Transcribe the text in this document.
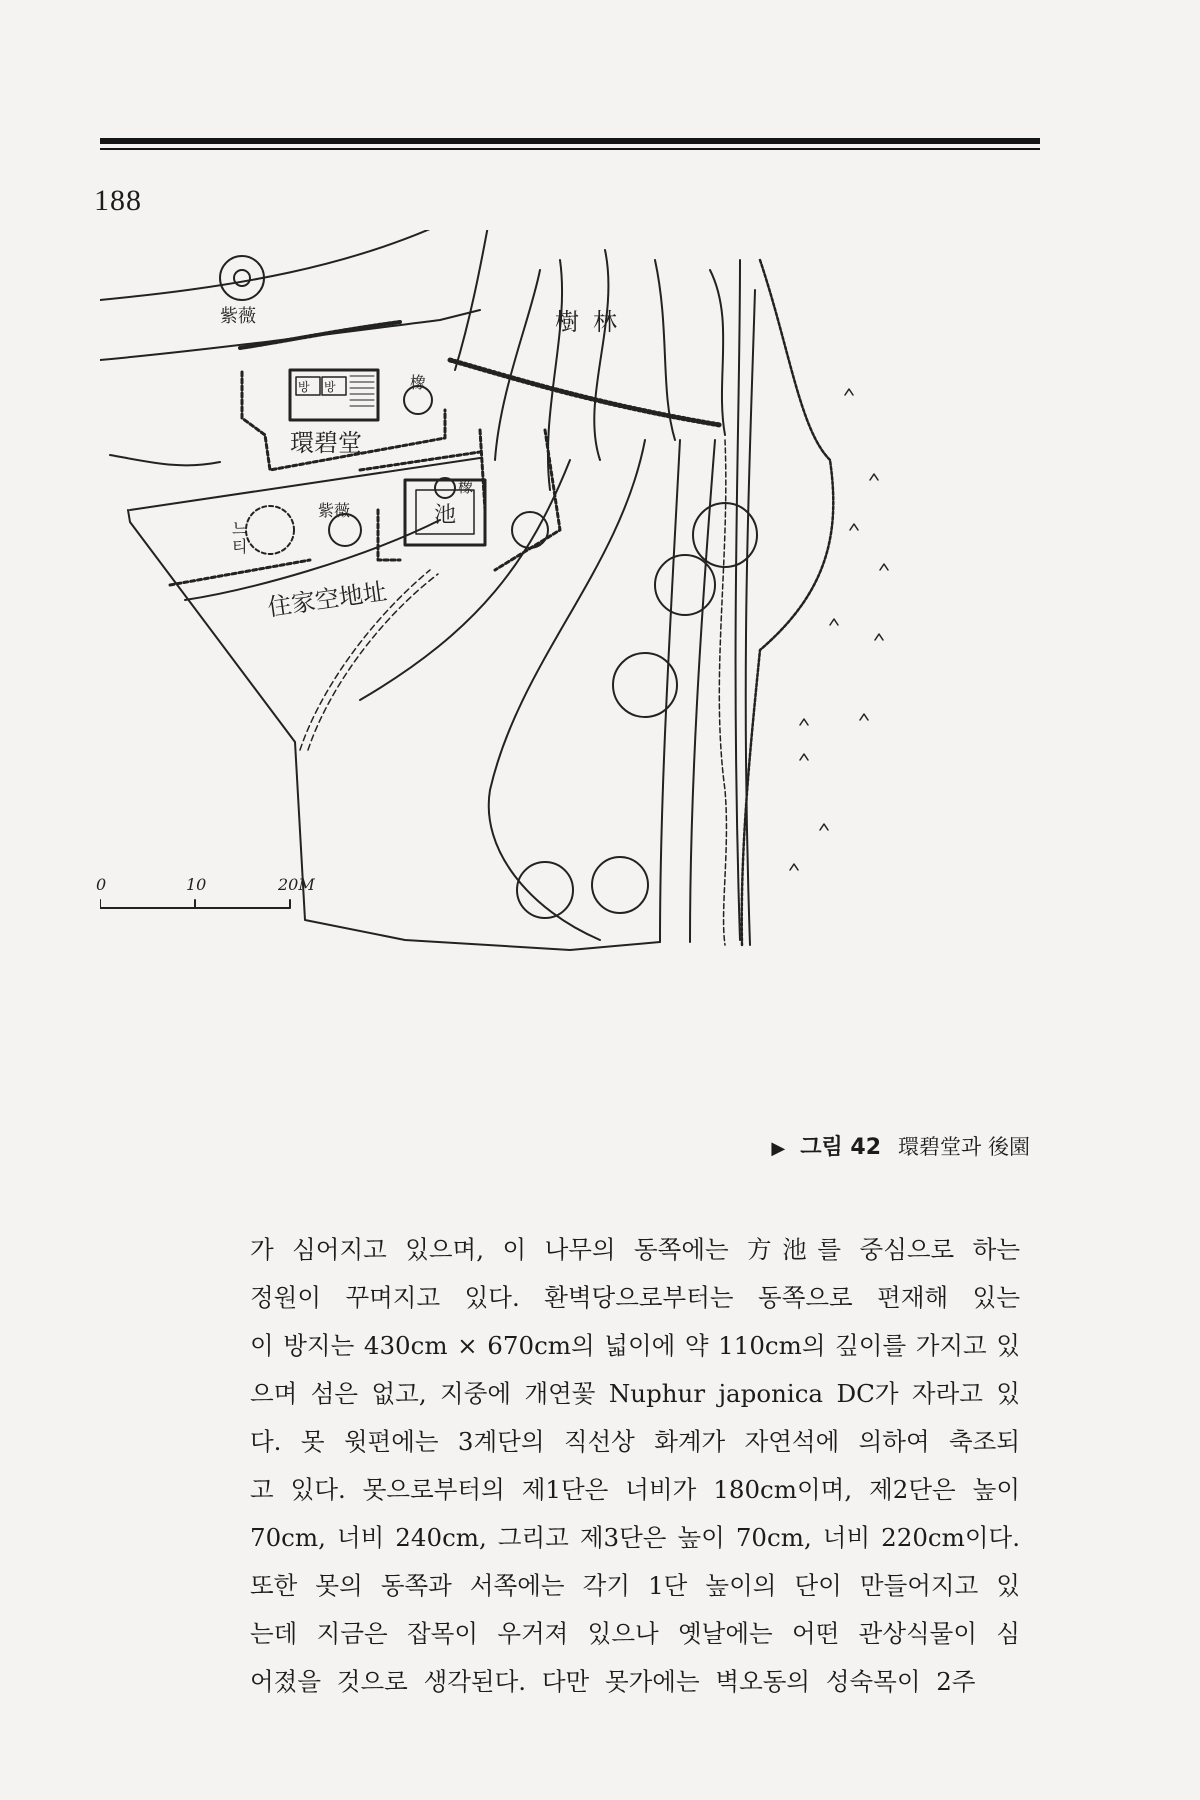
188
紫薇	樹林
橡
環碧堂
방 방
橡
池
紫薇
느티
住家空地址
0	10	20M
▶ 그림 42 環碧堂과 後園
가 심어지고 있으며, 이 나무의 동쪽에는 方池를 중심으로 하는
정원이 꾸며지고 있다. 환벽당으로부터는 동쪽으로 편재해 있는
이 방지는 430cm × 670cm의 넓이에 약 110cm의 깊이를 가지고 있
으며 섬은 없고, 지중에 개연꽃 Nuphur japonica DC가 자라고 있
다. 못 윗편에는 3계단의 직선상 화계가 자연석에 의하여 축조되
고 있다. 못으로부터의 제1단은 너비가 180cm이며, 제2단은 높이
70cm, 너비 240cm, 그리고 제3단은 높이 70cm, 너비 220cm이다.
또한 못의 동쪽과 서쪽에는 각기 1단 높이의 단이 만들어지고 있
는데 지금은 잡목이 우거져 있으나 옛날에는 어떤 관상식물이 심
어졌을 것으로 생각된다. 다만 못가에는 벽오동의 성숙목이 2주
